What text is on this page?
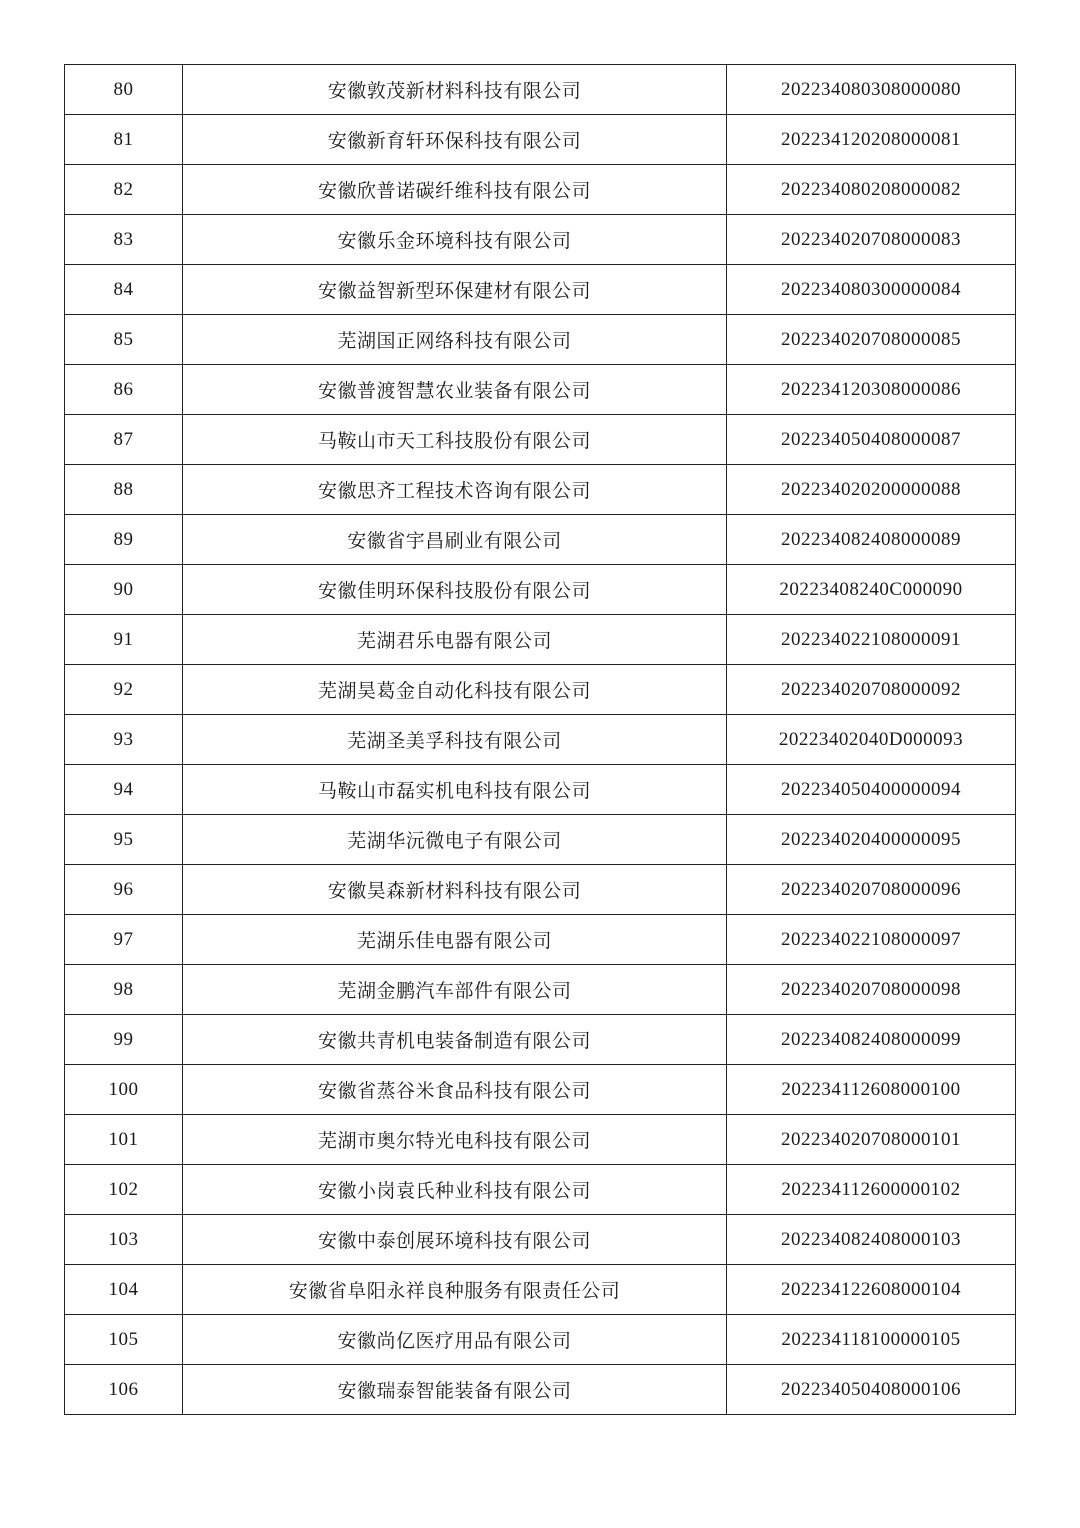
80	安徽敦茂新材料科技有限公司	202234080308000080
81	安徽新育轩环保科技有限公司	202234120208000081
82	安徽欣普诺碳纤维科技有限公司	202234080208000082
83	安徽乐金环境科技有限公司	202234020708000083
84	安徽益智新型环保建材有限公司	202234080300000084
85	芜湖国正网络科技有限公司	202234020708000085
86	安徽普渡智慧农业装备有限公司	202234120308000086
87	马鞍山市天工科技股份有限公司	202234050408000087
88	安徽思齐工程技术咨询有限公司	202234020200000088
89	安徽省宇昌刷业有限公司	202234082408000089
90	安徽佳明环保科技股份有限公司	20223408240C000090
91	芜湖君乐电器有限公司	202234022108000091
92	芜湖昊葛金自动化科技有限公司	202234020708000092
93	芜湖圣美孚科技有限公司	20223402040D000093
94	马鞍山市磊实机电科技有限公司	202234050400000094
95	芜湖华沅微电子有限公司	202234020400000095
96	安徽昊森新材料科技有限公司	202234020708000096
97	芜湖乐佳电器有限公司	202234022108000097
98	芜湖金鹏汽车部件有限公司	202234020708000098
99	安徽共青机电装备制造有限公司	202234082408000099
100	安徽省蒸谷米食品科技有限公司	202234112608000100
101	芜湖市奥尔特光电科技有限公司	202234020708000101
102	安徽小岗袁氏种业科技有限公司	202234112600000102
103	安徽中泰创展环境科技有限公司	202234082408000103
104	安徽省阜阳永祥良种服务有限责任公司	202234122608000104
105	安徽尚亿医疗用品有限公司	202234118100000105
106	安徽瑞泰智能装备有限公司	202234050408000106
